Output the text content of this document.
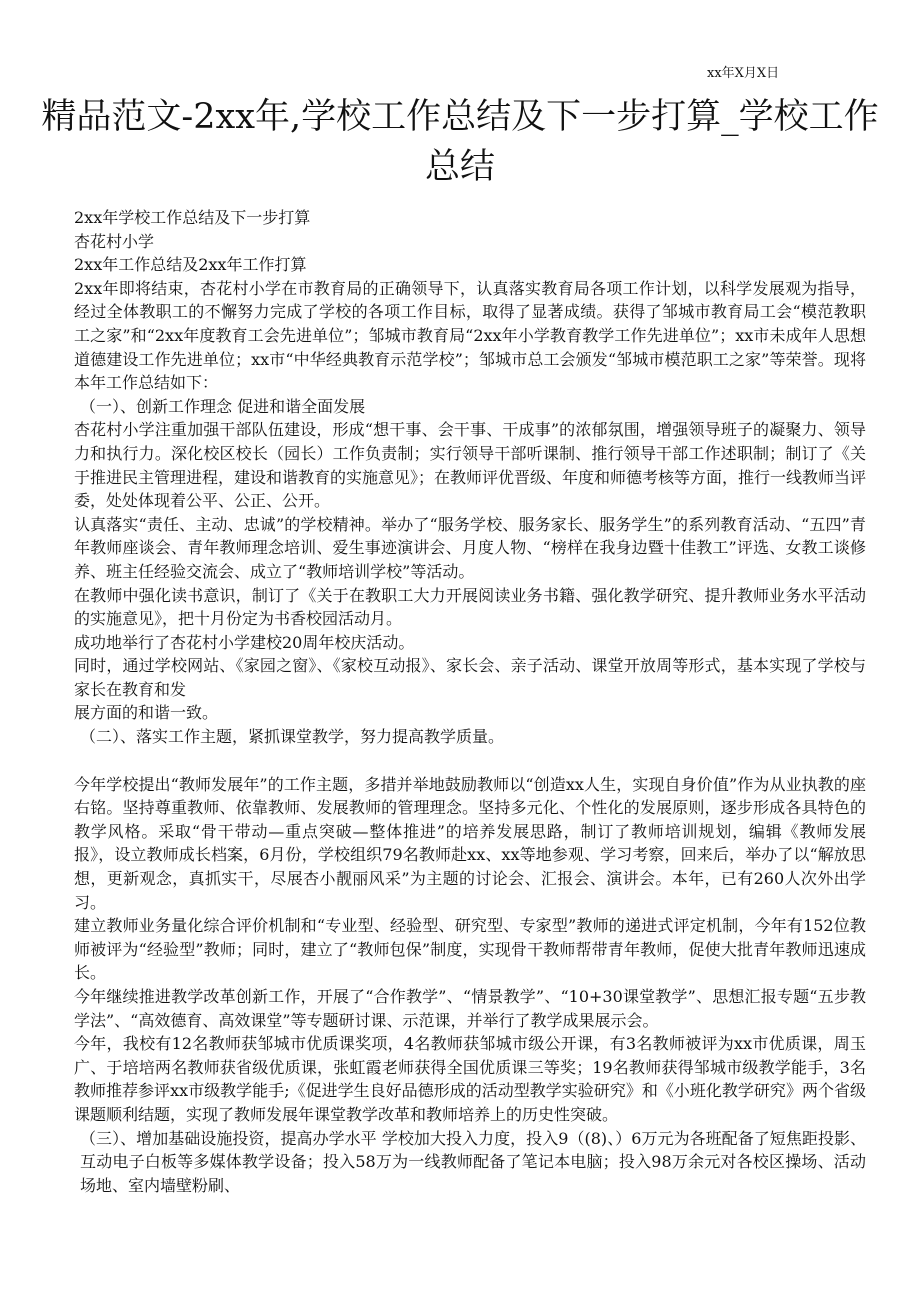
xx年X月X日
精品范文-2xx年,学校工作总结及下一步打算_学校工作总结

2xx年学校工作总结及下一步打算

杏花村小学

2xx年工作总结及2xx年工作打算

2xx年即将结束，杏花村小学在市教育局的正确领导下，认真落实教育局各项工作计划，以科学发展观为指导，经过全体教职工的不懈努力完成了学校的各项工作目标，取得了显著成绩。获得了邹城市教育局工会“模范教职工之家”和“2xx年度教育工会先进单位”；邹城市教育局“2xx年小学教育教学工作先进单位”；xx市未成年人思想道德建设工作先进单位；xx市“中华经典教育示范学校”；邹城市总工会颁发“邹城市模范职工之家”等荣誉。现将本年工作总结如下：

（一）、创新工作理念 促进和谐全面发展

杏花村小学注重加强干部队伍建设，形成“想干事、会干事、干成事”的浓郁氛围，增强领导班子的凝聚力、领导力和执行力。深化校区校长（园长）工作负责制；实行领导干部听课制、推行领导干部工作述职制；制订了《关于推进民主管理进程，建设和谐教育的实施意见》；在教师评优晋级、年度和师德考核等方面，推行一线教师当评委，处处体现着公平、公正、公开。

认真落实“责任、主动、忠诚”的学校精神。举办了“服务学校、服务家长、服务学生”的系列教育活动、“五四”青年教师座谈会、青年教师理念培训、爱生事迹演讲会、月度人物、“榜样在我身边暨十佳教工”评选、女教工谈修养、班主任经验交流会、成立了“教师培训学校”等活动。

在教师中强化读书意识，制订了《关于在教职工大力开展阅读业务书籍、强化教学研究、提升教师业务水平活动的实施意见》，把十月份定为书香校园活动月。

成功地举行了杏花村小学建校20周年校庆活动。

同时，通过学校网站、《家园之窗》、《家校互动报》、家长会、亲子活动、课堂开放周等形式，基本实现了学校与家长在教育和发

展方面的和谐一致。

（二）、落实工作主题，紧抓课堂教学，努力提高教学质量。

今年学校提出“教师发展年”的工作主题，多措并举地鼓励教师以“创造xx人生，实现自身价值”作为从业执教的座右铭。坚持尊重教师、依靠教师、发展教师的管理理念。坚持多元化、个性化的发展原则，逐步形成各具特色的教学风格。采取“骨干带动—重点突破—整体推进”的培养发展思路，制订了教师培训规划，编辑《教师发展报》，设立教师成长档案，6月份，学校组织79名教师赴xx、xx等地参观、学习考察，回来后，举办了以“解放思想，更新观念，真抓实干，尽展杏小靓丽风采”为主题的讨论会、汇报会、演讲会。本年，已有260人次外出学习。

建立教师业务量化综合评价机制和“专业型、经验型、研究型、专家型”教师的递进式评定机制，今年有152位教师被评为“经验型”教师；同时，建立了“教师包保”制度，实现骨干教师帮带青年教师，促使大批青年教师迅速成长。

今年继续推进教学改革创新工作，开展了“合作教学”、“情景教学”、“10+30课堂教学”、思想汇报专题“五步教学法”、“高效德育、高效课堂”等专题研讨课、示范课，并举行了教学成果展示会。

今年，我校有12名教师获邹城市优质课奖项，4名教师获邹城市级公开课，有3名教师被评为xx市优质课，周玉广、于培培两名教师获省级优质课，张虹霞老师获得全国优质课三等奖；19名教师获得邹城市级教学能手，3名教师推荐参评xx市级教学能手;《促进学生良好品德形成的活动型教学实验研究》和《小班化教学研究》两个省级课题顺利结题，实现了教师发展年课堂教学改革和教师培养上的历史性突破。

（三）、增加基础设施投资，提高办学水平 学校加大投入力度，投入9（(8)、）6万元为各班配备了短焦距投影、互动电子白板等多媒体教学设备；投入58万为一线教师配备了笔记本电脑；投入98万余元对各校区操场、活动场地、室内墙壁粉刷、
